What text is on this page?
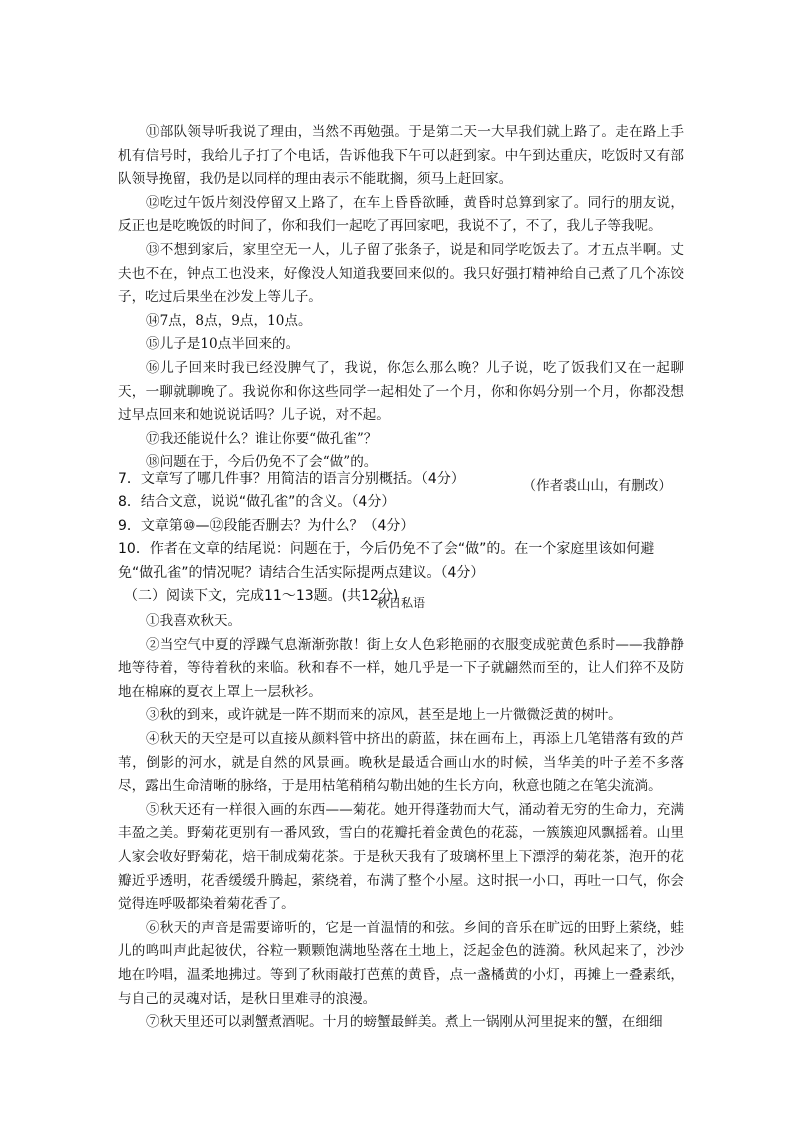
⑪部队领导听我说了理由，当然不再勉强。于是第二天一大早我们就上路了。走在路上手机有信号时，我给儿子打了个电话，告诉他我下午可以赶到家。中午到达重庆，吃饭时又有部队领导挽留，我仍是以同样的理由表示不能耽搁，须马上赶回家。

⑫吃过午饭片刻没停留又上路了，在车上昏昏欲睡，黄昏时总算到家了。同行的朋友说，反正也是吃晚饭的时间了，你和我们一起吃了再回家吧，我说不了，不了，我儿子等我呢。

⑬不想到家后，家里空无一人，儿子留了张条子，说是和同学吃饭去了。才五点半啊。丈夫也不在，钟点工也没来，好像没人知道我要回来似的。我只好强打精神给自己煮了几个冻饺子，吃过后果坐在沙发上等儿子。

⑭7点，8点，9点，10点。

⑮儿子是10点半回来的。

⑯儿子回来时我已经没脾气了，我说，你怎么那么晚？儿子说，吃了饭我们又在一起聊天，一聊就聊晚了。我说你和你这些同学一起相处了一个月，你和你妈分别一个月，你都没想过早点回来和她说说话吗？儿子说，对不起。

⑰我还能说什么？谁让你要“做孔雀”？

⑱问题在于，今后仍免不了会“做”的。

（作者裘山山，有删改）

7．文章写了哪几件事？用简洁的语言分别概括。（4分）

8．结合文意，说说“做孔雀”的含义。（4分）

9．文章第⑩—⑫段能否删去？为什么？（4分）

10．作者在文章的结尾说：问题在于，今后仍免不了会“做”的。在一个家庭里该如何避免“做孔雀”的情况呢？请结合生活实际提两点建议。（4分）

（二）阅读下文，完成11～13题。(共12分)

秋日私语

①我喜欢秋天。

②当空气中夏的浮躁气息渐渐弥散！街上女人色彩艳丽的衣服变成驼黄色系时——我静静地等待着，等待着秋的来临。秋和春不一样，她几乎是一下子就翩然而至的，让人们猝不及防地在棉麻的夏衣上罩上一层秋衫。

③秋的到来，或许就是一阵不期而来的凉风，甚至是地上一片微微泛黄的树叶。

④秋天的天空是可以直接从颜料管中挤出的蔚蓝，抹在画布上，再添上几笔错落有致的芦苇，倒影的河水，就是自然的风景画。晚秋是最适合画山水的时候，当华美的叶子差不多落尽，露出生命清晰的脉络，于是用枯笔稍稍勾勒出她的生长方向，秋意也随之在笔尖流淌。

⑤秋天还有一样很入画的东西——菊花。她开得蓬勃而大气，涌动着无穷的生命力，充满丰盈之美。野菊花更别有一番风致，雪白的花瓣托着金黄色的花蕊，一簇簇迎风飘摇着。山里人家会收好野菊花，焙干制成菊花茶。于是秋天我有了玻璃杯里上下漂浮的菊花茶，泡开的花瓣近乎透明，花香缓缓升腾起，萦绕着，布满了整个小屋。这时抿一小口，再吐一口气，你会觉得连呼吸都染着菊花香了。

⑥秋天的声音是需要谛听的，它是一首温情的和弦。乡间的音乐在旷远的田野上萦绕，蛙儿的鸣叫声此起彼伏，谷粒一颗颗饱满地坠落在土地上，泛起金色的涟漪。秋风起来了，沙沙地在吟唱，温柔地拂过。等到了秋雨敲打芭蕉的黄昏，点一盏橘黄的小灯，再摊上一叠素纸，与自己的灵魂对话，是秋日里难寻的浪漫。

⑦秋天里还可以剥蟹煮酒呢。十月的螃蟹最鲜美。煮上一锅刚从河里捉来的蟹，在细细
